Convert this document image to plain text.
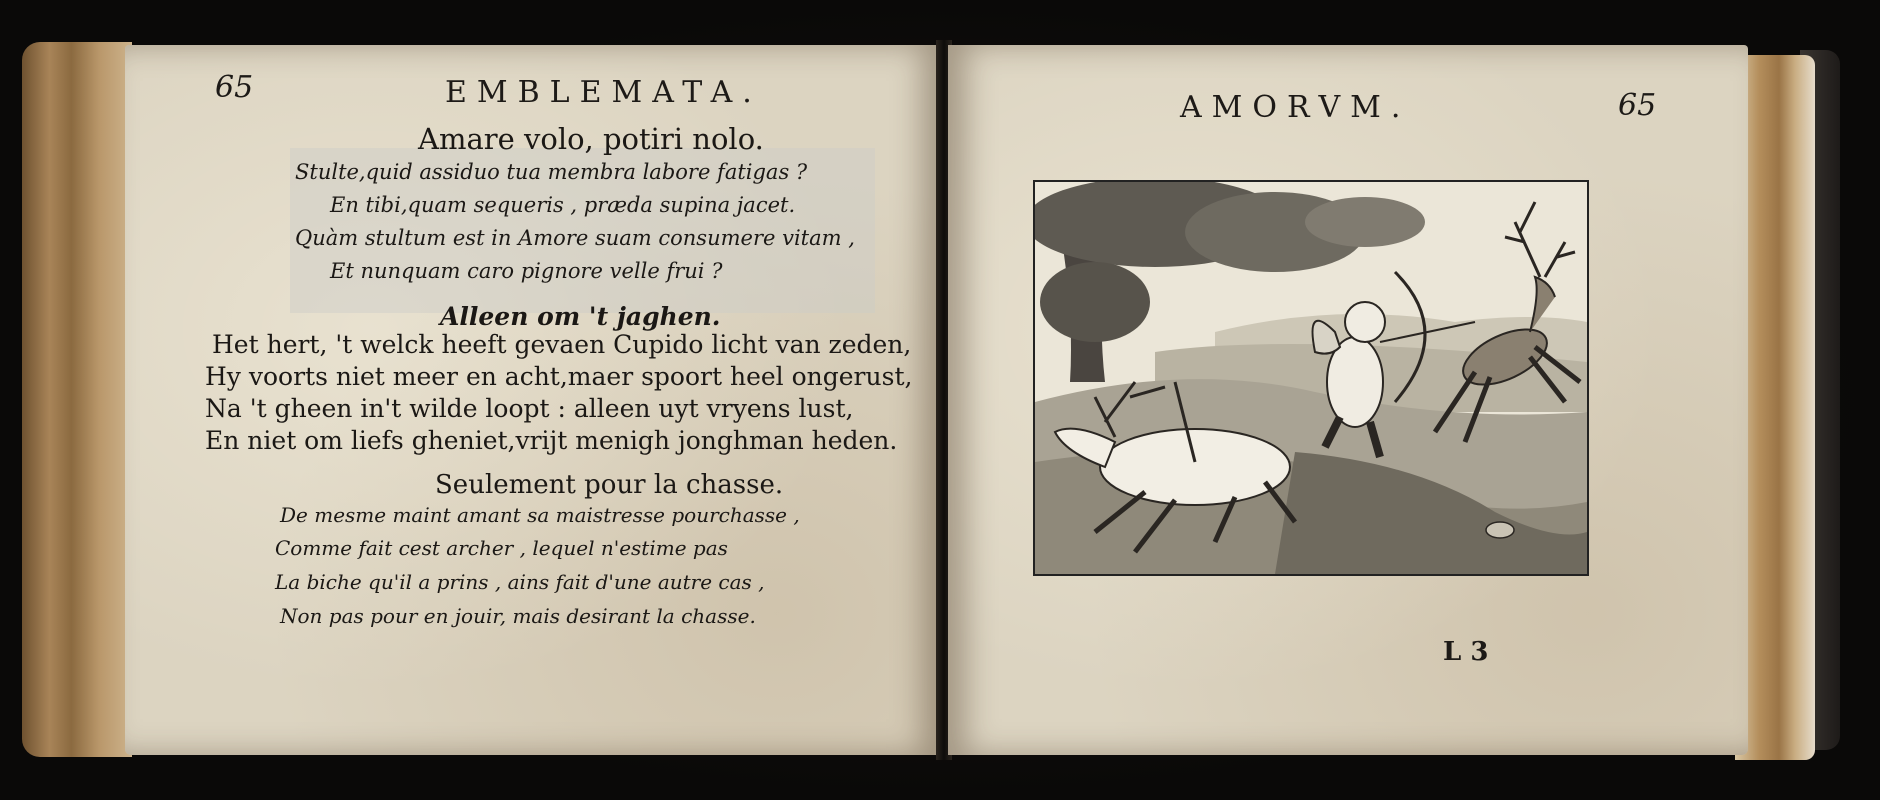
65	EMBLEMATA.
Amare volo, potiri nolo.
Stulte,quid assiduo tua membra labore fatigas ?
En tibi,quam sequeris , præda supina jacet.
Quàm stultum est in Amore suam consumere vitam ,
Et nunquam caro pignore velle frui ?
Alleen om 't jaghen.
Het hert, 't welck heeft gevaen Cupido licht van zeden,
Hy voorts niet meer en acht,maer spoort heel ongerust,
Na 't gheen in't wilde loopt : alleen uyt vryens lust,
En niet om liefs gheniet,vrijt menigh jonghman heden.
Seulement pour la chasse.
De mesme maint amant sa maistresse pourchasse ,
Comme fait cest archer , lequel n'estime pas
La biche qu'il a prins , ains fait d'une autre cas ,
Non pas pour en jouir, mais desirant la chasse.
AMORVM.	65
L 3
